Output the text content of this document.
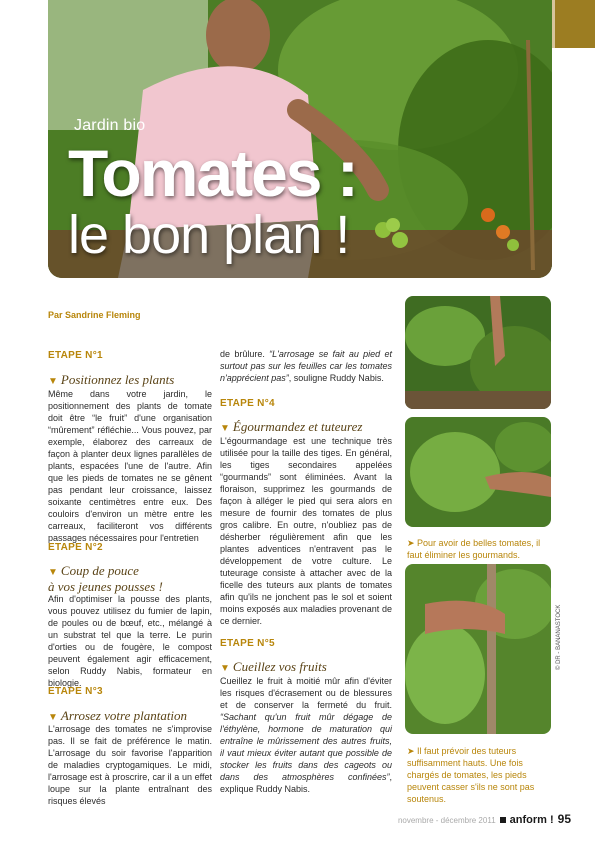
Jardin bio
Tomates :
le bon plan !
Par Sandrine Fleming
ETAPE N°1
▼ Positionnez les plants
Même dans votre jardin, le positionnement des plants de tomate doit être “le fruit” d'une organisation “mûrement” réfléchie... Vous pouvez, par exemple, élaborez des carreaux de façon à planter deux lignes parallèles de plants, espacées l'une de l'autre. Afin que les pieds de tomates ne se gênent pas pendant leur croissance, laissez soixante centimètres entre eux. Des couloirs d'environ un mètre entre les carreaux, faciliteront vos différents passages nécessaires pour l'entretien
ETAPE N°2
▼ Coup de pouce
à vos jeunes pousses !
Afin d'optimiser la pousse des plants, vous pouvez utilisez du fumier de lapin, de poules ou de bœuf, etc., mélangé à un substrat tel que la terre. Le purin d'orties ou de fougère, le compost peuvent également agir efficacement, selon Ruddy Nabis, formateur en biologie.
ETAPE N°3
▼ Arrosez votre plantation
L'arrosage des tomates ne s'improvise pas. Il se fait de préférence le matin. L'arrosage du soir favorise l'apparition de maladies cryptogamiques. Le midi, l'arrosage est à proscrire, car il a un effet loupe sur la plante entraînant des risques élevés
de brûlure. “L'arrosage se fait au pied et surtout pas sur les feuilles car les tomates n'apprécient pas”, souligne Ruddy Nabis.
ETAPE N°4
▼ Égourmandez et tuteurez
L'égourmandage est une technique très utilisée pour la taille des tiges. En général, les tiges secondaires appelées “gourmands” sont éliminées. Avant la floraison, supprimez les gourmands de façon à alléger le pied qui sera alors en mesure de fournir des tomates de plus gros calibre. En outre, n'oubliez pas de désherber régulièrement afin que les plantes adventices n'entravent pas le développement de votre culture. Le tuteurage consiste à attacher avec de la ficelle des tuteurs aux plants de tomates afin qu'ils ne jonchent pas le sol et soient moins exposés aux maladies provenant de ce dernier.
ETAPE N°5
▼ Cueillez vos fruits
Cueillez le fruit à moitié mûr afin d'éviter les risques d'écrasement ou de blessures et de conserver la fermeté du fruit. “Sachant qu'un fruit mûr dégage de l'éthylène, hormone de maturation qui entraîne le mûrissement des autres fruits, il vaut mieux éviter autant que possible de stocker les fruits dans des cageots ou dans des atmosphères confinées”, explique Ruddy Nabis.
➤ Pour avoir de belles tomates, il faut éliminer les gourmands.
© DR - BANANASTOCK
➤ Il faut prévoir des tuteurs suffisamment hauts. Une fois chargés de tomates, les pieds peuvent casser s'ils ne sont pas soutenus.
novembre - décembre 2011 anform ! 95
